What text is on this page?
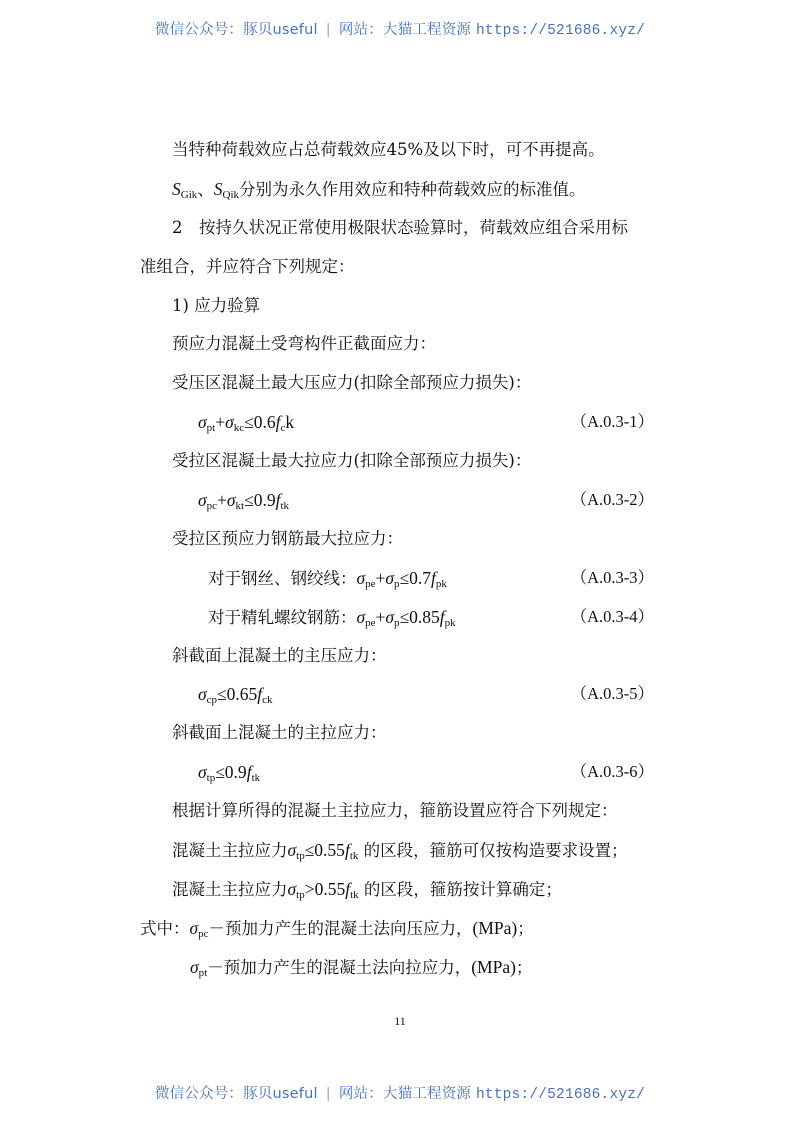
微信公众号：豚贝useful | 网站：大猫工程资源 https://521686.xyz/
当特种荷载效应占总荷载效应45%及以下时，可不再提高。
$S_{Gik}$、$S_{Qik}$分别为永久作用效应和特种荷载效应的标准值。
2　按持久状况正常使用极限状态验算时，荷载效应组合采用标
准组合，并应符合下列规定：
1) 应力验算
预应力混凝土受弯构件正截面应力：
受压区混凝土最大压应力(扣除全部预应力损失)：
$\sigma_{pt}+\sigma_{kc}\le 0.6f_ck$	（A.0.3-1）
受拉区混凝土最大拉应力(扣除全部预应力损失)：
$\sigma_{pc}+\sigma_{kt}\le 0.9f_{tk}$	（A.0.3-2）
受拉区预应力钢筋最大拉应力：
对于钢丝、钢绞线：$\sigma_{pe}+\sigma_p\le 0.7f_{pk}$	（A.0.3-3）
对于精轧螺纹钢筋：$\sigma_{pe}+\sigma_p\le 0.85f_{pk}$	（A.0.3-4）
斜截面上混凝土的主压应力：
$\sigma_{cp}\le 0.65f_{ck}$	（A.0.3-5）
斜截面上混凝土的主拉应力：
$\sigma_{tp}\le 0.9f_{tk}$	（A.0.3-6）
根据计算所得的混凝土主拉应力，箍筋设置应符合下列规定：
混凝土主拉应力$\sigma_{tp}\le 0.55f_{tk}$ 的区段，箍筋可仅按构造要求设置；
混凝土主拉应力$\sigma_{tp}>0.55f_{tk}$ 的区段，箍筋按计算确定；
式中：$\sigma_{pc}-$预加力产生的混凝土法向压应力，(MPa)；
$\sigma_{pt}-$预加力产生的混凝土法向拉应力，(MPa)；
11
微信公众号：豚贝useful | 网站：大猫工程资源 https://521686.xyz/
